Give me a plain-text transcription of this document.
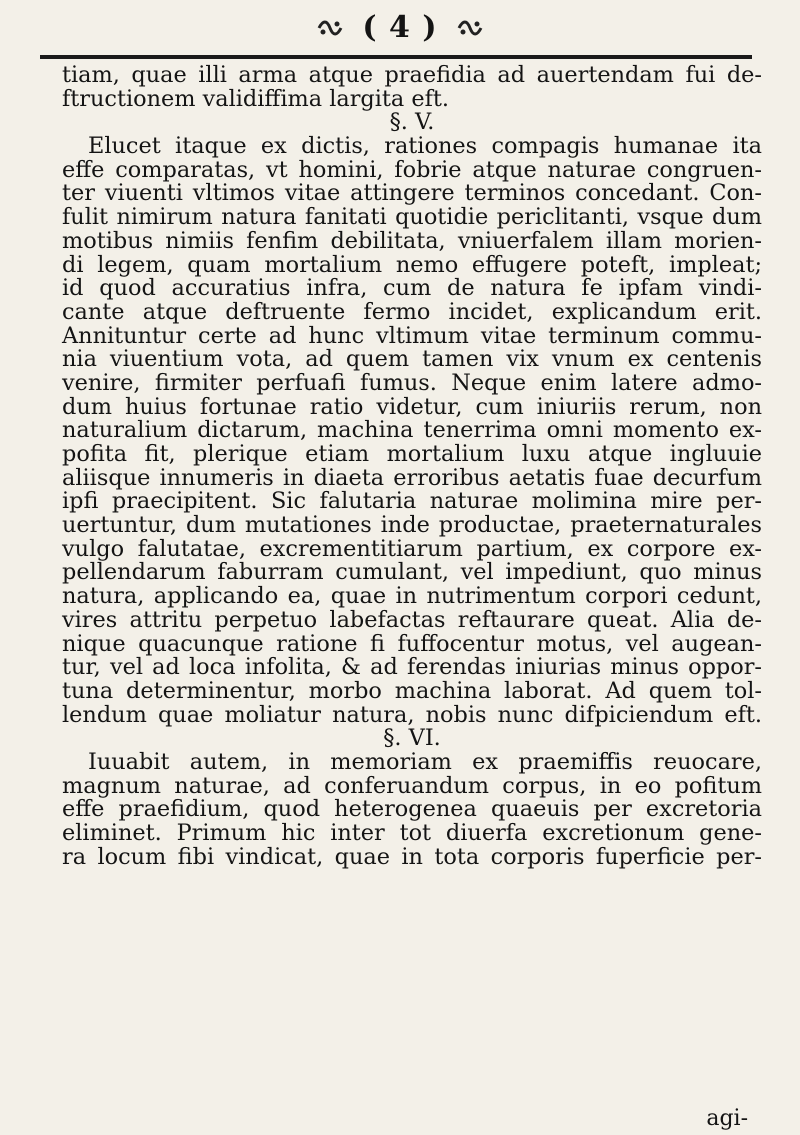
( 4 )
tiam, quae illi arma atque praefidia ad auertendam fui de-
ftructionem validiffima largita eft.
§. V.
Elucet itaque ex dictis, rationes compagis humanae ita
effe comparatas, vt homini, fobrie atque naturae congruen-
ter viuenti vltimos vitae attingere terminos concedant. Con-
fulit nimirum natura fanitati quotidie periclitanti, vsque dum
motibus nimiis fenfim debilitata, vniuerfalem illam morien-
di legem, quam mortalium nemo effugere poteft, impleat;
id quod accuratius infra, cum de natura fe ipfam vindi-
cante atque deftruente fermo incidet, explicandum erit.
Annituntur certe ad hunc vltimum vitae terminum commu-
nia viuentium vota, ad quem tamen vix vnum ex centenis
venire, firmiter perfuafi fumus. Neque enim latere admo-
dum huius fortunae ratio videtur, cum iniuriis rerum, non
naturalium dictarum, machina tenerrima omni momento ex-
pofita fit, plerique etiam mortalium luxu atque ingluuie
aliisque innumeris in diaeta erroribus aetatis fuae decurfum
ipfi praecipitent. Sic falutaria naturae molimina mire per-
uertuntur, dum mutationes inde productae, praeternaturales
vulgo falutatae, excrementitiarum partium, ex corpore ex-
pellendarum faburram cumulant, vel impediunt, quo minus
natura, applicando ea, quae in nutrimentum corpori cedunt,
vires attritu perpetuo labefactas reftaurare queat. Alia de-
nique quacunque ratione fi fuffocentur motus, vel augean-
tur, vel ad loca infolita, & ad ferendas iniurias minus oppor-
tuna determinentur, morbo machina laborat. Ad quem tol-
lendum quae moliatur natura, nobis nunc difpiciendum eft.
§. VI.
Iuuabit autem, in memoriam ex praemiffis reuocare,
magnum naturae, ad conferuandum corpus, in eo pofitum
effe praefidium, quod heterogenea quaeuis per excretoria
eliminet. Primum hic inter tot diuerfa excretionum gene-
ra locum fibi vindicat, quae in tota corporis fuperficie per-
agi-
